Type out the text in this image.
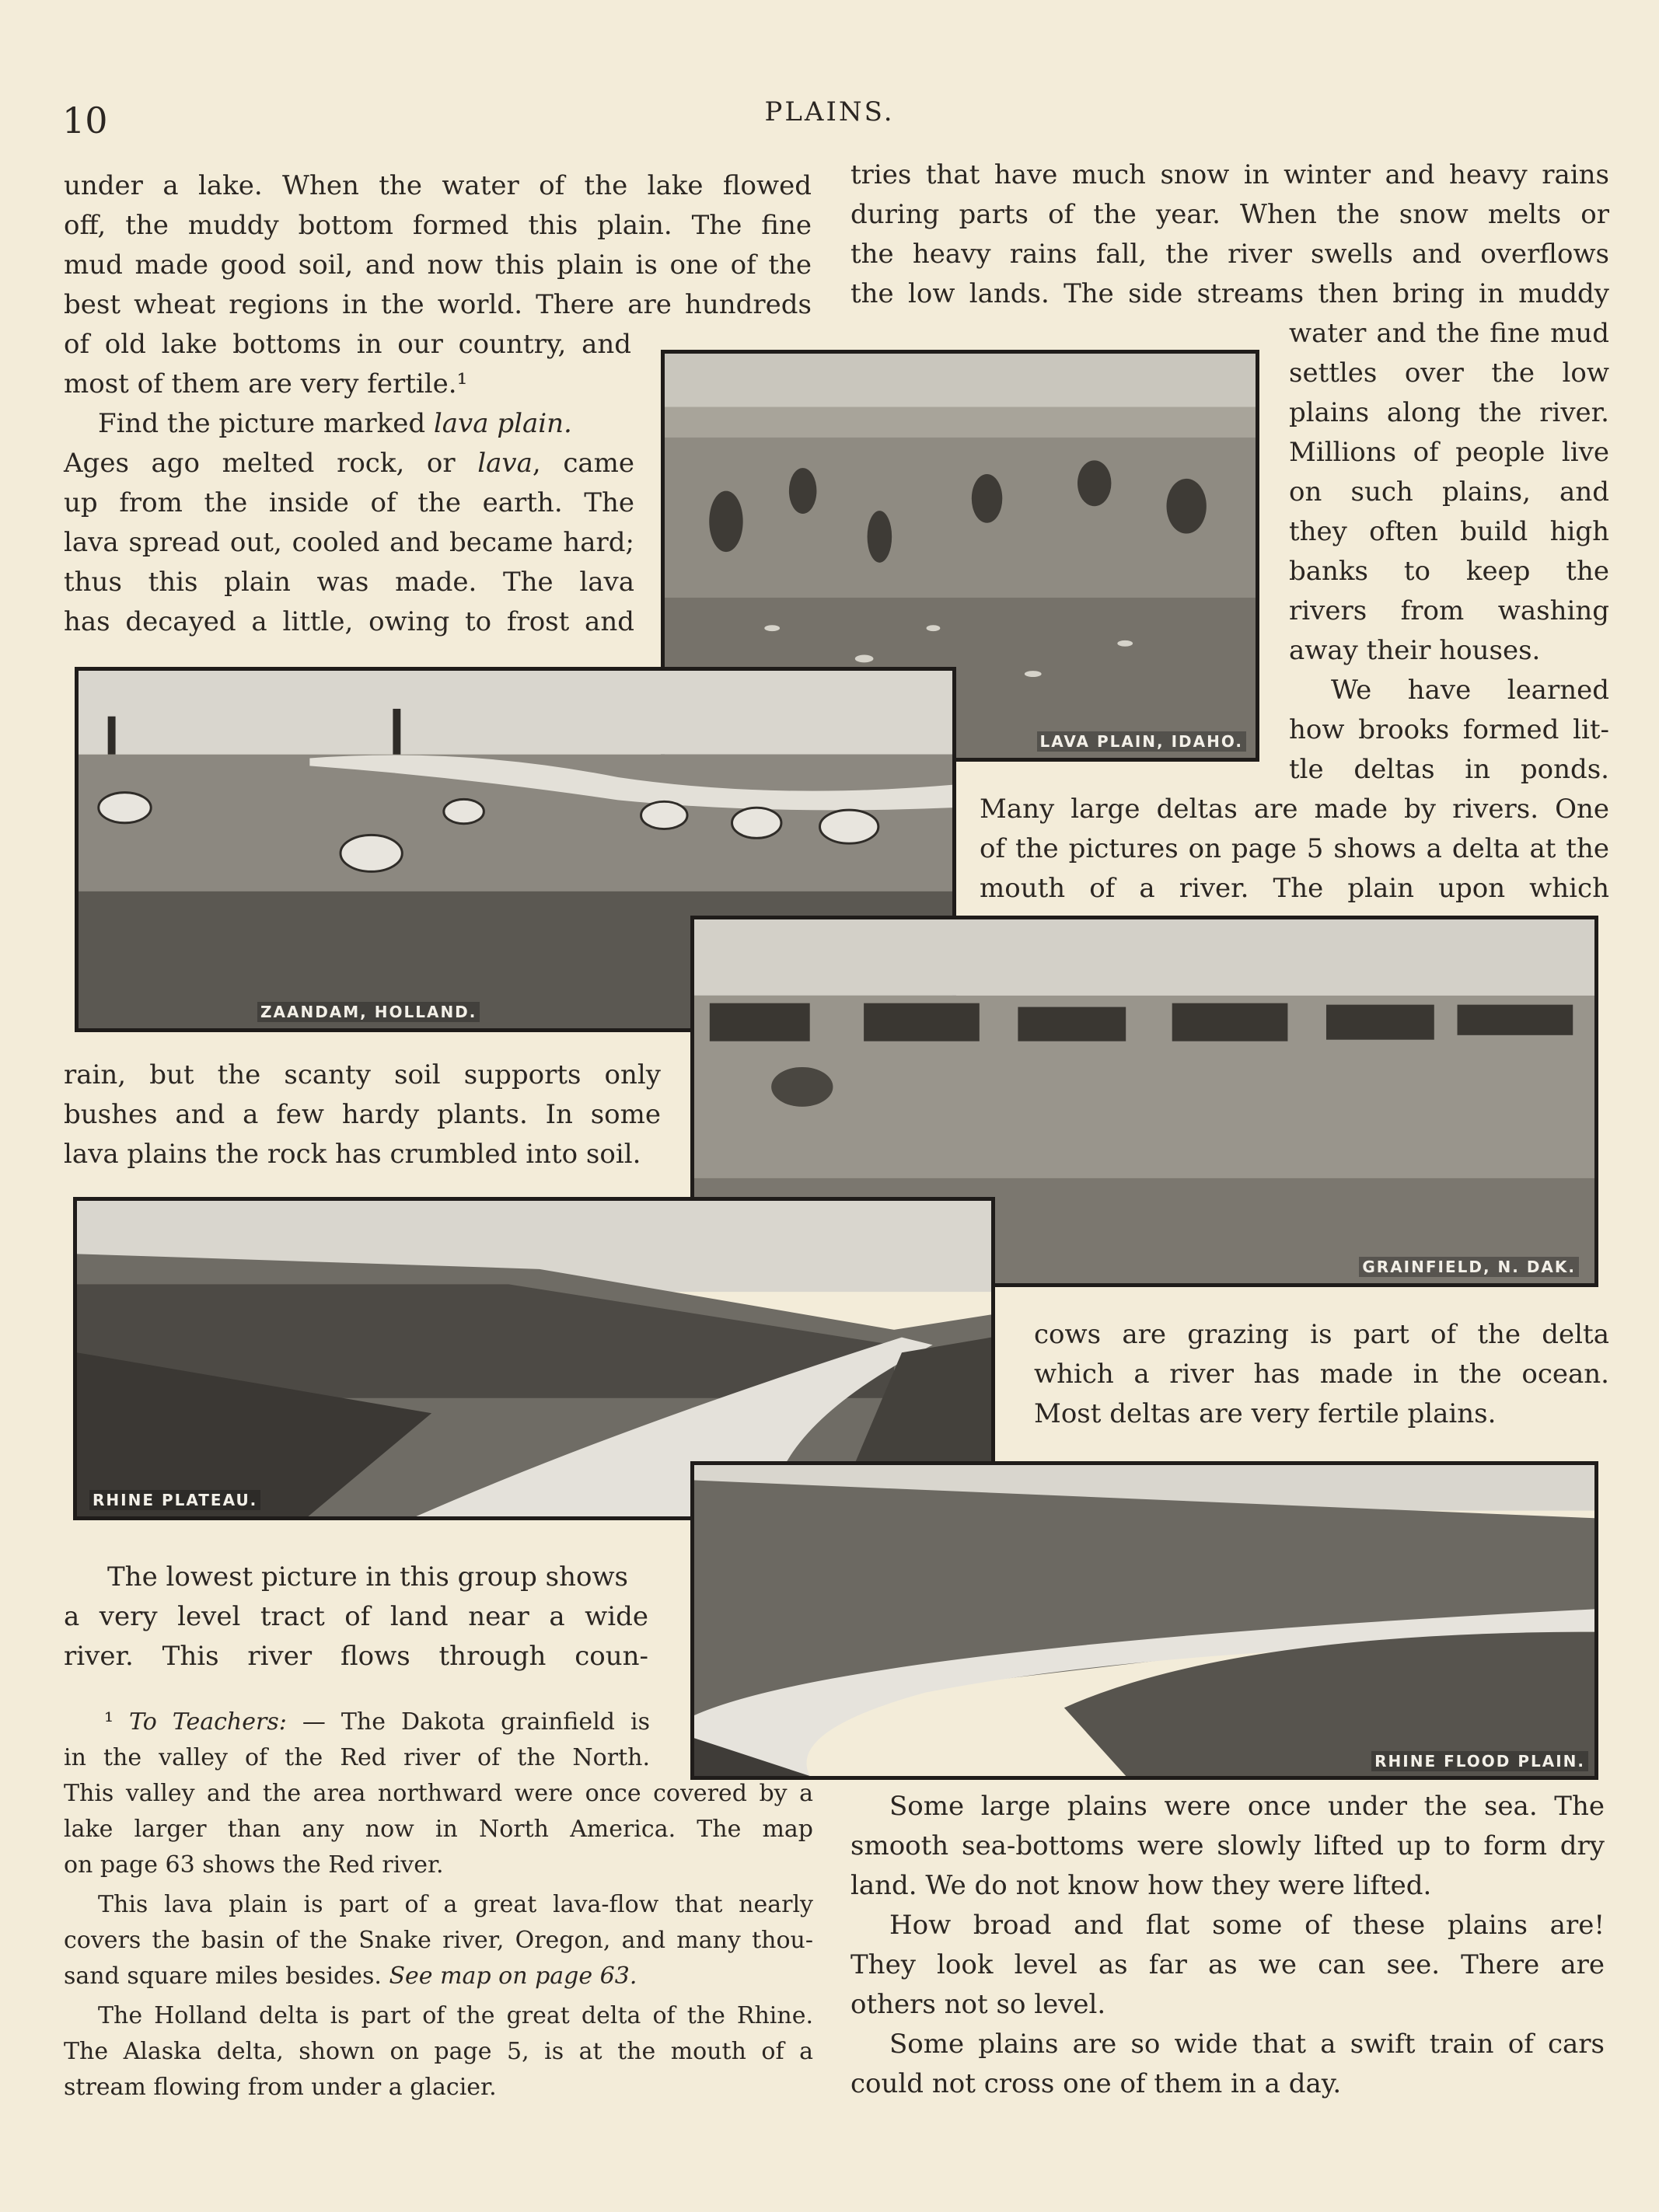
10	PLAINS.

under a lake. When the water of the lake flowed

off, the muddy bottom formed this plain. The fine

mud made good soil, and now this plain is one of the

best wheat regions in the world. There are hundreds

of old lake bottoms in our country, and

most of them are very fertile.¹

Find the picture marked lava plain.

Ages ago melted rock, or lava, came

up from the inside of the earth. The

lava spread out, cooled and became hard;

thus this plain was made. The lava

has decayed a little, owing to frost and

rain, but the scanty soil supports only

bushes and a few hardy plants. In some

lava plains the rock has crumbled into soil.

The lowest picture in this group shows

a very level tract of land near a wide

river. This river flows through coun-

¹ To Teachers: — The Dakota grainfield is

in the valley of the Red river of the North.

This valley and the area northward were once covered by a

lake larger than any now in North America. The map

on page 63 shows the Red river.

This lava plain is part of a great lava-flow that nearly

covers the basin of the Snake river, Oregon, and many thou-

sand square miles besides. See map on page 63.

The Holland delta is part of the great delta of the Rhine.

The Alaska delta, shown on page 5, is at the mouth of a

stream flowing from under a glacier.

tries that have much snow in winter and heavy rains

during parts of the year. When the snow melts or

the heavy rains fall, the river swells and overflows

the low lands. The side streams then bring in muddy

water and the fine mud

settles over the low

plains along the river.

Millions of people live

on such plains, and

they often build high

banks to keep the

rivers from washing

away their houses.

We have learned

how brooks formed lit-

tle deltas in ponds.

Many large deltas are made by rivers. One

of the pictures on page 5 shows a delta at the

mouth of a river. The plain upon which

cows are grazing is part of the delta

which a river has made in the ocean.

Most deltas are very fertile plains.

Some large plains were once under the sea. The

smooth sea-bottoms were slowly lifted up to form dry

land. We do not know how they were lifted.

How broad and flat some of these plains are!

They look level as far as we can see. There are

others not so level.

Some plains are so wide that a swift train of cars

could not cross one of them in a day.

LAVA PLAIN, IDAHO.
ZAANDAM, HOLLAND.
GRAINFIELD, N. DAK.
RHINE PLATEAU.
RHINE FLOOD PLAIN.
